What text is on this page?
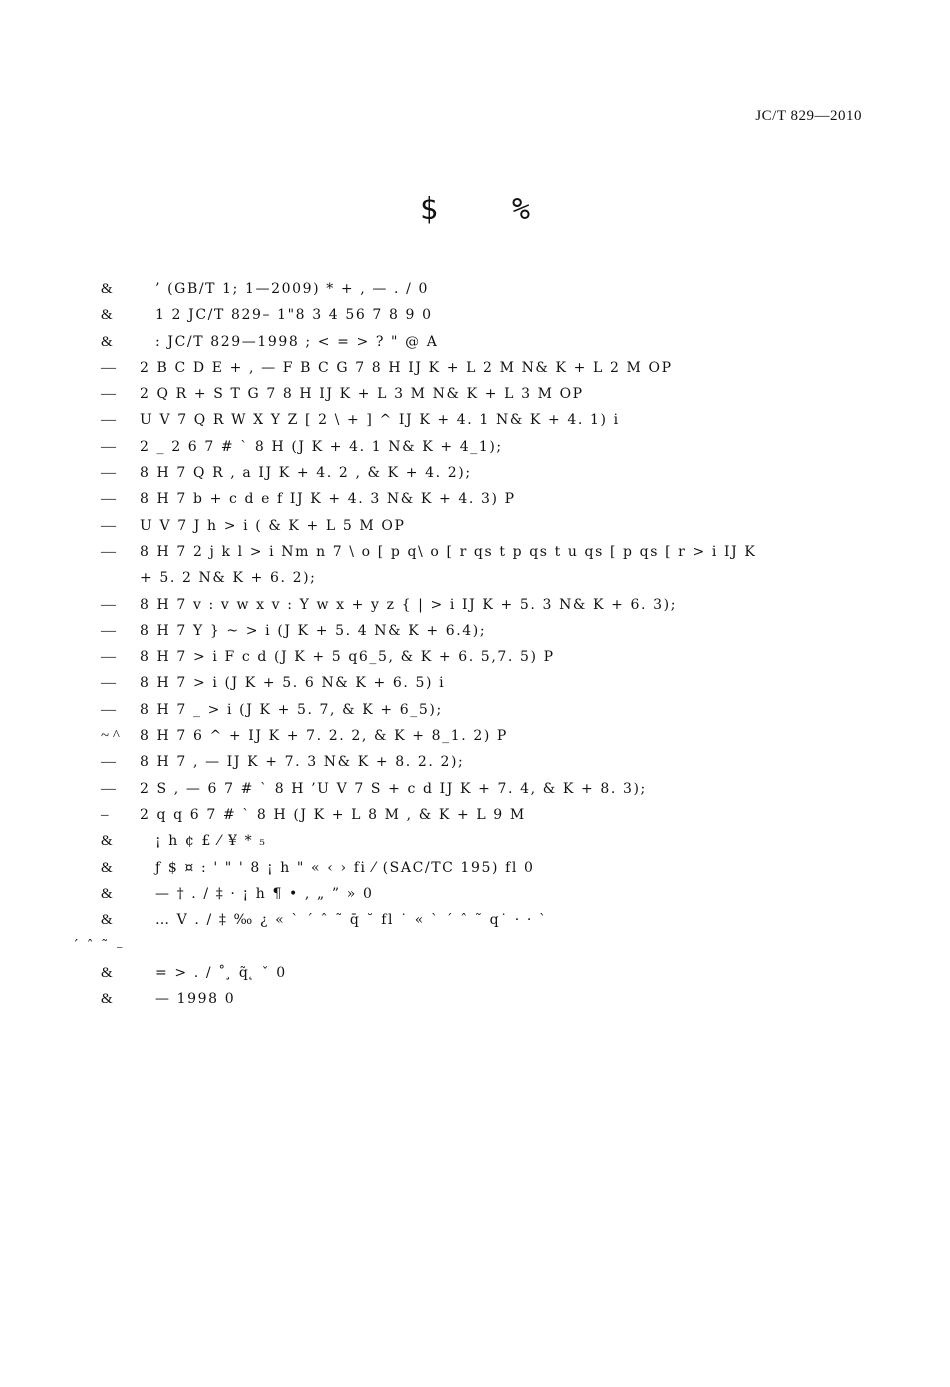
JC/T 829—2010
$ %
&	’ (GB/T 1; 1—2009) * + , — . / 0
&	1 2 JC/T 829– 1"8 3 4 56 7 8 9 0
&	: JC/T 829—1998 ; < = > ? " @ A
—	2 B C D E + , — F B C G 7 8 H IJ K + L 2 M N& K + L 2 M OP
—	2 Q R + S T G 7 8 H IJ K + L 3 M N& K + L 3 M OP
—	U V 7 Q R W X Y Z [ 2 \ + ] ^ IJ K + 4. 1 N& K + 4. 1) i
—	2 _ 2 6 7 # ` 8 H (J K + 4. 1 N& K + 4_1);
—	8 H 7 Q R , a IJ K + 4. 2 , & K + 4. 2);
—	8 H 7 b + c d e f IJ K + 4. 3 N& K + 4. 3) P
—	U V 7 J h > i ( & K + L 5 M OP
—	8 H 7 2 j k l > i Nm n 7 \ o [ p q\ o [ r qs t p qs t u qs [ p qs [ r > i IJ K
+ 5. 2 N& K + 6. 2);
—	8 H 7 v : v w x v : Y w x + y z { | > i IJ K + 5. 3 N& K + 6. 3);
—	8 H 7 Y } ~ > i (J K + 5. 4 N& K + 6.4);
—	8 H 7 > i F c d (J K + 5 q6_5, & K + 6. 5,7. 5) P
—	8 H 7 > i (J K + 5. 6 N& K + 6. 5) i
—	8 H 7 _ > i (J K + 5. 7, & K + 6_5);
~ ^	8 H 7 6 ^ + IJ K + 7. 2. 2, & K + 8_1. 2) P
—	8 H 7 , — IJ K + 7. 3 N& K + 8. 2. 2);
—	2 S , — 6 7 # ` 8 H ’U V 7 S + c d IJ K + 7. 4, & K + 8. 3);
–	2 q q 6 7 # ` 8 H (J K + L 8 M , & K + L 9 M
&	¡ h ¢ £ ⁄ ¥ * ₅
&	ƒ $ ¤ : ' " ' 8 ¡ h " « ‹ › fi ⁄ (SAC/TC 195) fl 0
&	— † . / ‡ · ¡ h ¶ • , „ ” » 0
&	… V . / ‡ ‰ ¿ « ` ´ ˆ ˜ q̄ ˘ fl ˙ « ` ´ ˆ ˜ q˙ · · `
´ ˆ ˜ ₋
&	= > . / ˚ ̧ q̃ ̨ ˇ 0
&	— 1998 0
